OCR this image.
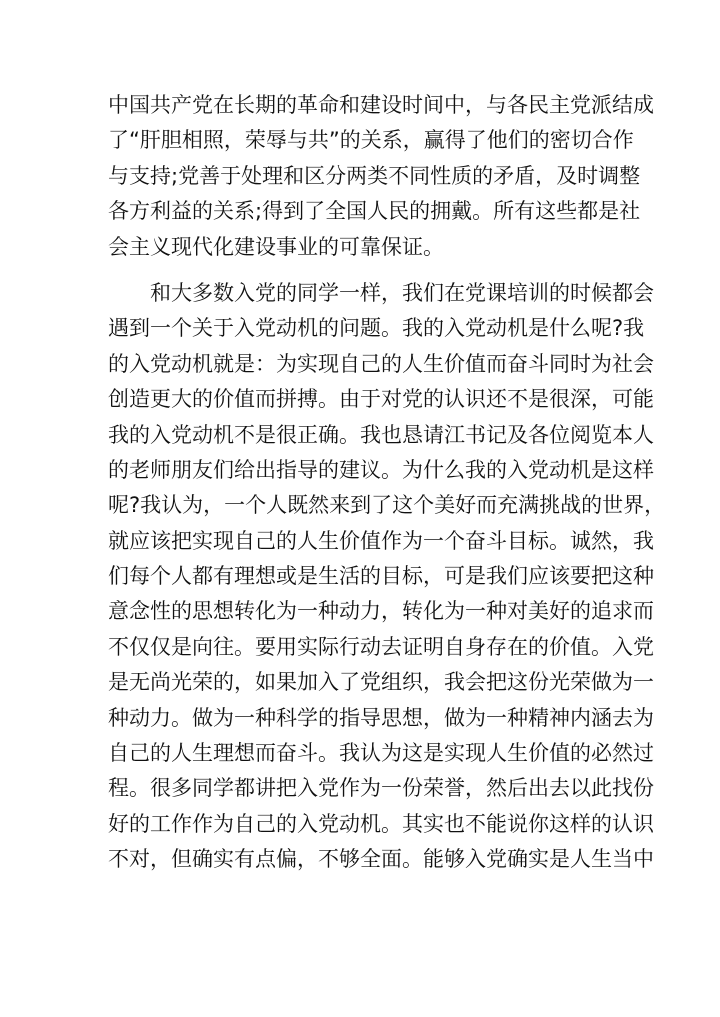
中国共产党在长期的革命和建设时间中，与各民主党派结成
了“肝胆相照，荣辱与共”的关系，赢得了他们的密切合作
与支持;党善于处理和区分两类不同性质的矛盾，及时调整
各方利益的关系;得到了全国人民的拥戴。所有这些都是社
会主义现代化建设事业的可靠保证。
　　和大多数入党的同学一样，我们在党课培训的时候都会
遇到一个关于入党动机的问题。我的入党动机是什么呢?我
的入党动机就是：为实现自己的人生价值而奋斗同时为社会
创造更大的价值而拼搏。由于对党的认识还不是很深，可能
我的入党动机不是很正确。我也恳请江书记及各位阅览本人
的老师朋友们给出指导的建议。为什么我的入党动机是这样
呢?我认为，一个人既然来到了这个美好而充满挑战的世界，
就应该把实现自己的人生价值作为一个奋斗目标。诚然，我
们每个人都有理想或是生活的目标，可是我们应该要把这种
意念性的思想转化为一种动力，转化为一种对美好的追求而
不仅仅是向往。要用实际行动去证明自身存在的价值。入党
是无尚光荣的，如果加入了党组织，我会把这份光荣做为一
种动力。做为一种科学的指导思想，做为一种精神内涵去为
自己的人生理想而奋斗。我认为这是实现人生价值的必然过
程。很多同学都讲把入党作为一份荣誉，然后出去以此找份
好的工作作为自己的入党动机。其实也不能说你这样的认识
不对，但确实有点偏，不够全面。能够入党确实是人生当中
